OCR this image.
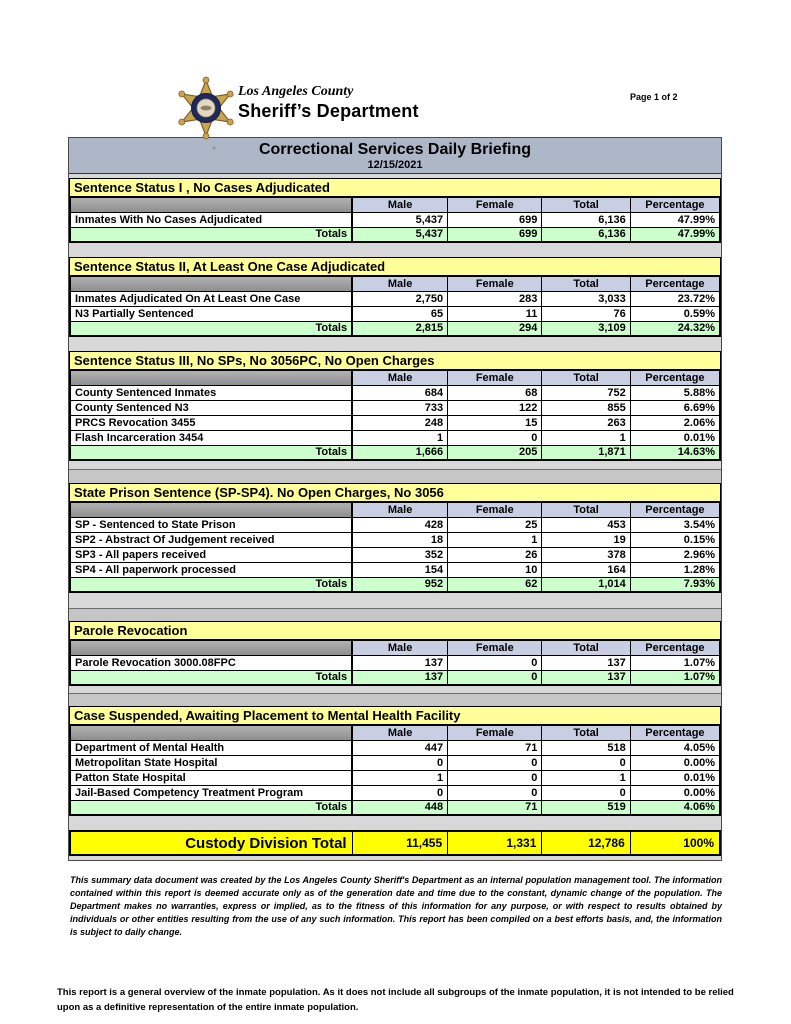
Los Angeles County
Sheriff’s Department
Page 1 of 2
Correctional Services Daily Briefing
12/15/2021
Sentence Status I , No Cases Adjudicated
	Male	Female	Total	Percentage
Inmates With No Cases Adjudicated	5,437	699	6,136	47.99%
Totals	5,437	699	6,136	47.99%
Sentence Status II, At Least One Case Adjudicated
	Male	Female	Total	Percentage
Inmates Adjudicated On At Least One Case	2,750	283	3,033	23.72%
N3 Partially Sentenced	65	11	76	0.59%
Totals	2,815	294	3,109	24.32%
Sentence Status III, No SPs, No 3056PC, No Open Charges
	Male	Female	Total	Percentage
County Sentenced Inmates	684	68	752	5.88%
County Sentenced N3	733	122	855	6.69%
PRCS Revocation 3455	248	15	263	2.06%
Flash Incarceration 3454	1	0	1	0.01%
Totals	1,666	205	1,871	14.63%
State Prison Sentence (SP-SP4). No Open Charges, No 3056
	Male	Female	Total	Percentage
SP - Sentenced to State Prison	428	25	453	3.54%
SP2 - Abstract Of Judgement received	18	1	19	0.15%
SP3 - All papers received	352	26	378	2.96%
SP4 - All paperwork processed	154	10	164	1.28%
Totals	952	62	1,014	7.93%
Parole Revocation
	Male	Female	Total	Percentage
Parole Revocation 3000.08FPC	137	0	137	1.07%
Totals	137	0	137	1.07%
Case Suspended, Awaiting Placement to Mental Health Facility
	Male	Female	Total	Percentage
Department of Mental Health	447	71	518	4.05%
Metropolitan State Hospital	0	0	0	0.00%
Patton State Hospital	1	0	1	0.01%
Jail-Based Competency Treatment Program	0	0	0	0.00%
Totals	448	71	519	4.06%
Custody Division Total	11,455	1,331	12,786	100%

This summary data document was created by the Los Angeles County Sheriff's Department as an internal population management tool. The information contained within this report is deemed accurate only as of the generation date and time due to the constant, dynamic change of the population. The Department makes no warranties, express or implied, as to the fitness of this information for any purpose, or with respect to results obtained by individuals or other entities resulting from the use of any such information. This report has been compiled on a best efforts basis, and, the information is subject to daily change.

This report is a general overview of the inmate population. As it does not include all subgroups of the inmate population, it is not intended to be relied upon as a definitive representation of the entire inmate population.
